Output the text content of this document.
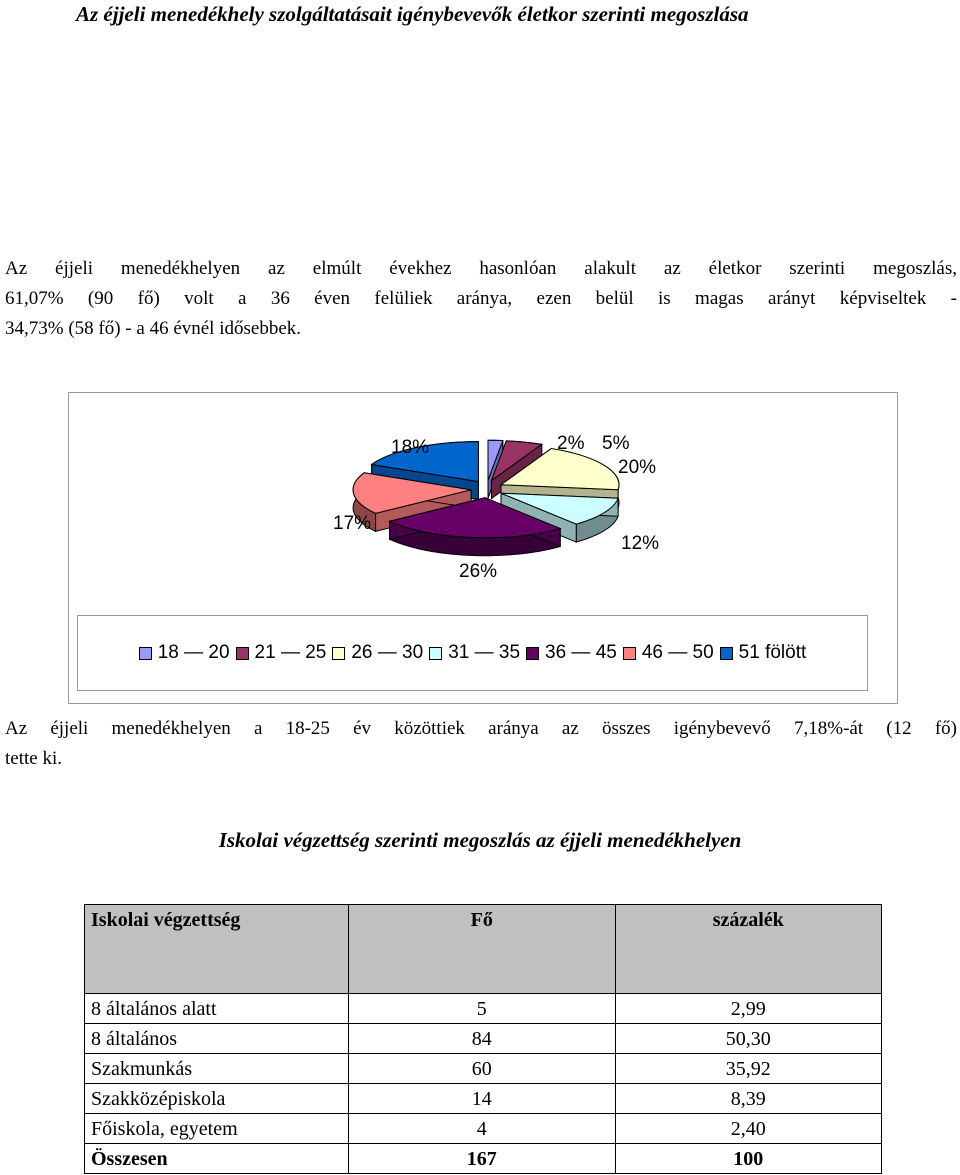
Az éjjeli menedékhely szolgáltatásait igénybevevők életkor szerinti megoszlása
Az éjjeli menedékhelyen az elmúlt évekhez hasonlóan alakult az életkor szerinti megoszlás,
61,07% (90 fő) volt a 36 éven felüliek aránya, ezen belül is magas arányt képviseltek -
34,73% (58 fő) - a 46 évnél idősebbek.
2% 5%
20%
12%
26%
17%
18%
18 — 20 21 — 25 26 — 30 31 — 35 36 — 45 46 — 50 51 fölött
Az éjjeli menedékhelyen a 18-25 év közöttiek aránya az összes igénybevevő 7,18%-át (12 fő)
tette ki.
Iskolai végzettség szerinti megoszlás az éjjeli menedékhelyen
Iskolai végzettség	Fő	százalék
8 általános alatt	5	2,99
8 általános	84	50,30
Szakmunkás	60	35,92
Szakközépiskola	14	8,39
Főiskola, egyetem	4	2,40
Összesen	167	100
